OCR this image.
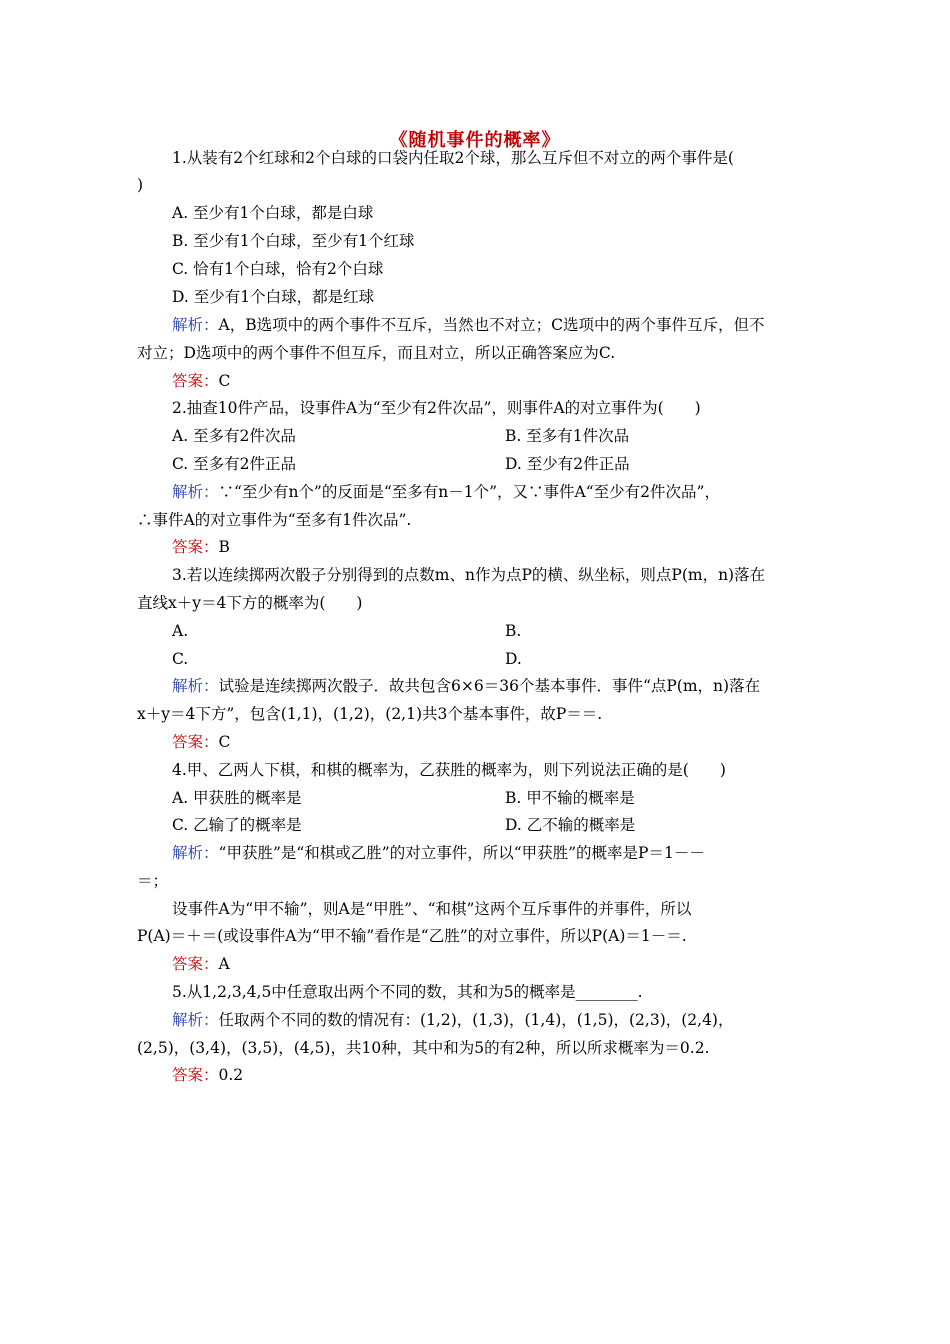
《随机事件的概率》
1.从装有2个红球和2个白球的口袋内任取2个球，那么互斥但不对立的两个事件是(
)
A. 至少有1个白球，都是白球
B. 至少有1个白球，至少有1个红球
C. 恰有1个白球，恰有2个白球
D. 至少有1个白球，都是红球
解析：A，B选项中的两个事件不互斥，当然也不对立；C选项中的两个事件互斥，但不
对立；D选项中的两个事件不但互斥，而且对立，所以正确答案应为C.
答案：C
2.抽查10件产品，设事件A为“至少有2件次品”，则事件A的对立事件为(　　)
A. 至多有2件次品	B. 至多有1件次品
C. 至多有2件正品	D. 至少有2件正品
解析：∵“至少有n个”的反面是“至多有n－1个”，又∵事件A“至少有2件次品”，
∴事件A的对立事件为“至多有1件次品”.
答案：B
3.若以连续掷两次骰子分别得到的点数m、n作为点P的横、纵坐标，则点P(m，n)落在
直线x＋y＝4下方的概率为(　　)
A.	B.
C.	D.
解析：试验是连续掷两次骰子．故共包含6×6＝36个基本事件．事件“点P(m，n)落在
x＋y＝4下方”，包含(1,1)，(1,2)，(2,1)共3个基本事件，故P＝＝.
答案：C
4.甲、乙两人下棋，和棋的概率为，乙获胜的概率为，则下列说法正确的是(　　)
A. 甲获胜的概率是	B. 甲不输的概率是
C. 乙输了的概率是	D. 乙不输的概率是
解析：“甲获胜”是“和棋或乙胜”的对立事件，所以“甲获胜”的概率是P＝1－－
＝；
设事件A为“甲不输”，则A是“甲胜”、“和棋”这两个互斥事件的并事件，所以
P(A)＝＋＝(或设事件A为“甲不输”看作是“乙胜”的对立事件，所以P(A)＝1－＝.
答案：A
5.从1,2,3,4,5中任意取出两个不同的数，其和为5的概率是________.
解析：任取两个不同的数的情况有：(1,2)，(1,3)，(1,4)，(1,5)，(2,3)，(2,4)，
(2,5)，(3,4)，(3,5)，(4,5)，共10种，其中和为5的有2种，所以所求概率为＝0.2.
答案：0.2
